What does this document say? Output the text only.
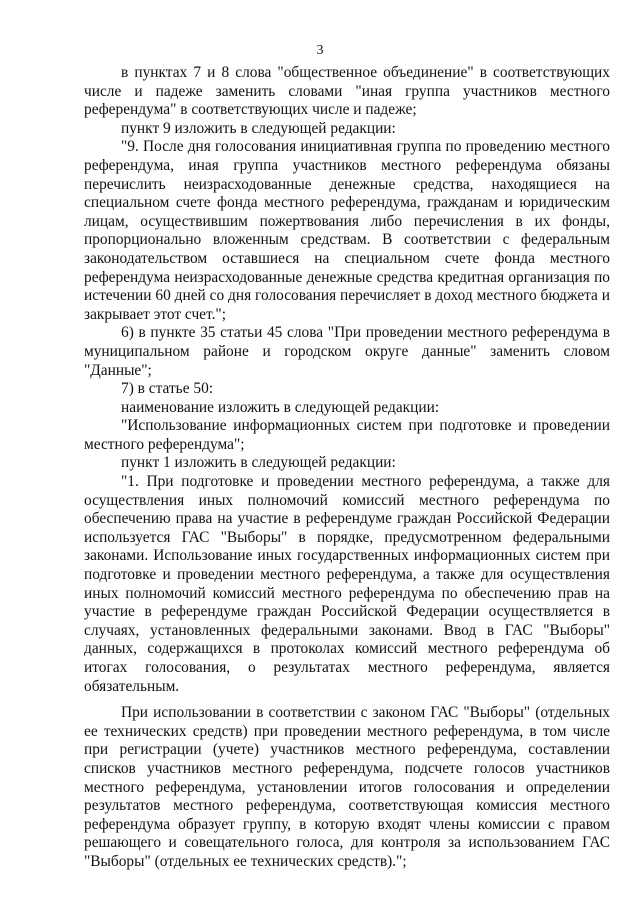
3

в пунктах 7 и 8 слова "общественное объединение" в соответствующих числе и падеже заменить словами "иная группа участников местного референдума" в соответствующих числе и падеже;

пункт 9 изложить в следующей редакции:

"9. После дня голосования инициативная группа по проведению местного референдума, иная группа участников местного референдума обязаны перечислить неизрасходованные денежные средства, находящиеся на специальном счете фонда местного референдума, гражданам и юридическим лицам, осуществившим пожертвования либо перечисления в их фонды, пропорционально вложенным средствам. В соответствии с федеральным законодательством оставшиеся на специальном счете фонда местного референдума неизрасходованные денежные средства кредитная организация по истечении 60 дней со дня голосования перечисляет в доход местного бюджета и закрывает этот счет.";

6) в пункте 35 статьи 45 слова "При проведении местного референдума в муниципальном районе и городском округе данные" заменить словом "Данные";

7) в статье 50:

наименование изложить в следующей редакции:

"Использование информационных систем при подготовке и проведении местного референдума";

пункт 1 изложить в следующей редакции:

"1. При подготовке и проведении местного референдума, а также для осуществления иных полномочий комиссий местного референдума по обеспечению права на участие в референдуме граждан Российской Федерации используется ГАС "Выборы" в порядке, предусмотренном федеральными законами. Использование иных государственных информационных систем при подготовке и проведении местного референдума, а также для осуществления иных полномочий комиссий местного референдума по обеспечению прав на участие в референдуме граждан Российской Федерации осуществляется в случаях, установленных федеральными законами. Ввод в ГАС "Выборы" данных, содержащихся в протоколах комиссий местного референдума об итогах голосования, о результатах местного референдума, является обязательным.

При использовании в соответствии с законом ГАС "Выборы" (отдельных ее технических средств) при проведении местного референдума, в том числе при регистрации (учете) участников местного референдума, составлении списков участников местного референдума, подсчете голосов участников местного референдума, установлении итогов голосования и определении результатов местного референдума, соответствующая комиссия местного референдума образует группу, в которую входят члены комиссии с правом решающего и совещательного голоса, для контроля за использованием ГАС "Выборы" (отдельных ее технических средств).";
